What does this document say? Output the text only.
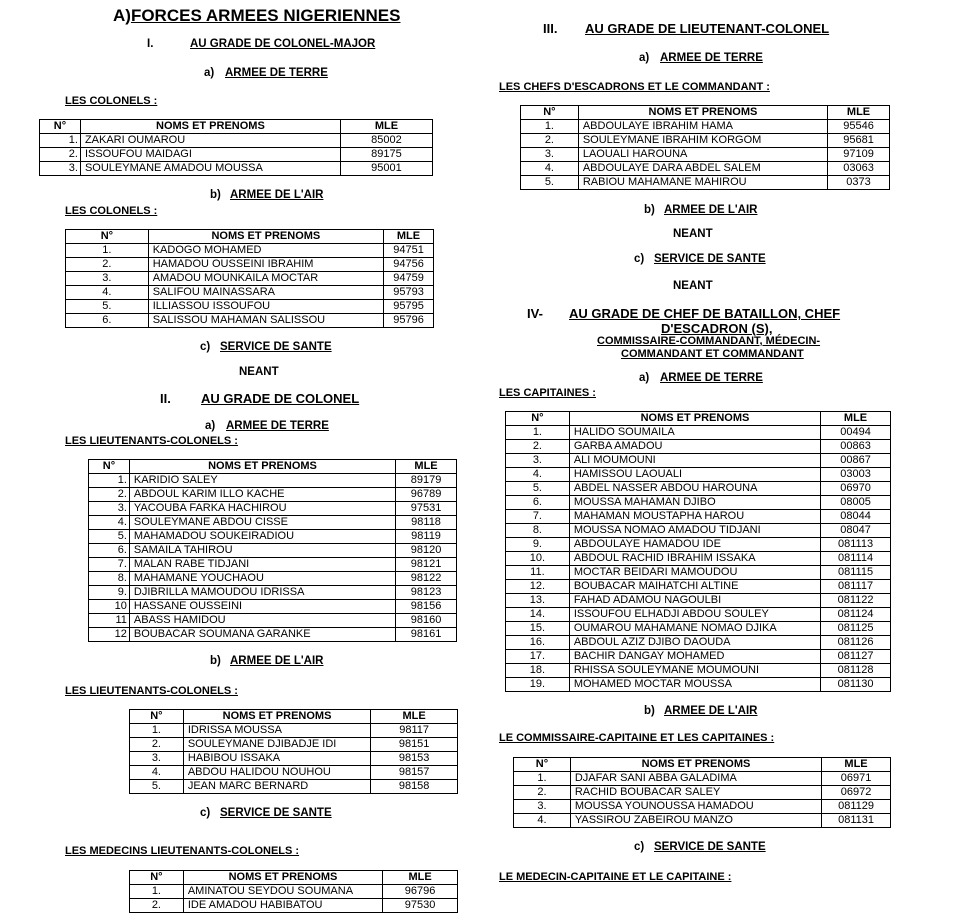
A)FORCES ARMEES NIGERIENNES
I.	AU GRADE DE COLONEL-MAJOR
a) ARMEE DE TERRE
LES COLONELS :
N°	NOMS ET PRENOMS	MLE
1.	ZAKARI OUMAROU	85002
2.	ISSOUFOU MAIDAGI	89175
3.	SOULEYMANE AMADOU MOUSSA	95001
b) ARMEE DE L'AIR
LES COLONELS :
N°	NOMS ET PRENOMS	MLE
1.	KADOGO MOHAMED	94751
2.	HAMADOU OUSSEINI IBRAHIM	94756
3.	AMADOU MOUNKAILA MOCTAR	94759
4.	SALIFOU MAINASSARA	95793
5.	ILLIASSOU ISSOUFOU	95795
6.	SALISSOU MAHAMAN SALISSOU	95796
c) SERVICE DE SANTE
NEANT
II. AU GRADE DE COLONEL
a) ARMEE DE TERRE
LES LIEUTENANTS-COLONELS :
N°	NOMS ET PRENOMS	MLE
1.	KARIDIO SALEY	89179
2.	ABDOUL KARIM ILLO KACHE	96789
3.	YACOUBA FARKA HACHIROU	97531
4.	SOULEYMANE ABDOU CISSE	98118
5.	MAHAMADOU SOUKEIRADIOU	98119
6.	SAMAILA TAHIROU	98120
7.	MALAN RABE TIDJANI	98121
8.	MAHAMANE YOUCHAOU	98122
9.	DJIBRILLA MAMOUDOU IDRISSA	98123
10	HASSANE OUSSEINI	98156
11	ABASS HAMIDOU	98160
12	BOUBACAR SOUMANA GARANKE	98161
b) ARMEE DE L'AIR
LES LIEUTENANTS-COLONELS :
N°	NOMS ET PRENOMS	MLE
1.	IDRISSA MOUSSA	98117
2.	SOULEYMANE DJIBADJE IDI	98151
3.	HABIBOU ISSAKA	98153
4.	ABDOU HALIDOU NOUHOU	98157
5.	JEAN MARC BERNARD	98158
c) SERVICE DE SANTE
LES MEDECINS LIEUTENANTS-COLONELS :
N°	NOMS ET PRENOMS	MLE
1.	AMINATOU SEYDOU SOUMANA	96796
2.	IDE AMADOU HABIBATOU	97530
III. AU GRADE DE LIEUTENANT-COLONEL
a) ARMEE DE TERRE
LES CHEFS D'ESCADRONS ET LE COMMANDANT :
N°	NOMS ET PRENOMS	MLE
1.	ABDOULAYE IBRAHIM HAMA	95546
2.	SOULEYMANE IBRAHIM KORGOM	95681
3.	LAOUALI HAROUNA	97109
4.	ABDOULAYE DARA ABDEL SALEM	03063
5.	RABIOU MAHAMANE MAHIROU	0373
b) ARMEE DE L'AIR
NEANT
c) SERVICE DE SANTE
NEANT
IV- AU GRADE DE CHEF DE BATAILLON, CHEF
D'ESCADRON (S),
COMMISSAIRE-COMMANDANT, MÉDECIN-
COMMANDANT ET COMMANDANT
a) ARMEE DE TERRE
LES CAPITAINES :
N°	NOMS ET PRENOMS	MLE
1.	HALIDO SOUMAILA	00494
2.	GARBA AMADOU	00863
3.	ALI MOUMOUNI	00867
4.	HAMISSOU LAOUALI	03003
5.	ABDEL NASSER ABDOU HAROUNA	06970
6.	MOUSSA MAHAMAN DJIBO	08005
7.	MAHAMAN MOUSTAPHA HAROU	08044
8.	MOUSSA NOMAO AMADOU TIDJANI	08047
9.	ABDOULAYE HAMADOU IDE	081113
10.	ABDOUL RACHID IBRAHIM ISSAKA	081114
11.	MOCTAR BEIDARI MAMOUDOU	081115
12.	BOUBACAR MAIHATCHI ALTINE	081117
13.	FAHAD ADAMOU NAGOULBI	081122
14.	ISSOUFOU ELHADJI ABDOU SOULEY	081124
15.	OUMAROU MAHAMANE NOMAO DJIKA	081125
16.	ABDOUL AZIZ DJIBO DAOUDA	081126
17.	BACHIR DANGAY MOHAMED	081127
18.	RHISSA SOULEYMANE MOUMOUNI	081128
19.	MOHAMED MOCTAR MOUSSA	081130
b) ARMEE DE L'AIR
LE COMMISSAIRE-CAPITAINE ET LES CAPITAINES :
N°	NOMS ET PRENOMS	MLE
1.	DJAFAR SANI ABBA GALADIMA	06971
2.	RACHID BOUBACAR SALEY	06972
3.	MOUSSA YOUNOUSSA HAMADOU	081129
4.	YASSIROU ZABEIROU MANZO	081131
c) SERVICE DE SANTE
LE MEDECIN-CAPITAINE ET LE CAPITAINE :
